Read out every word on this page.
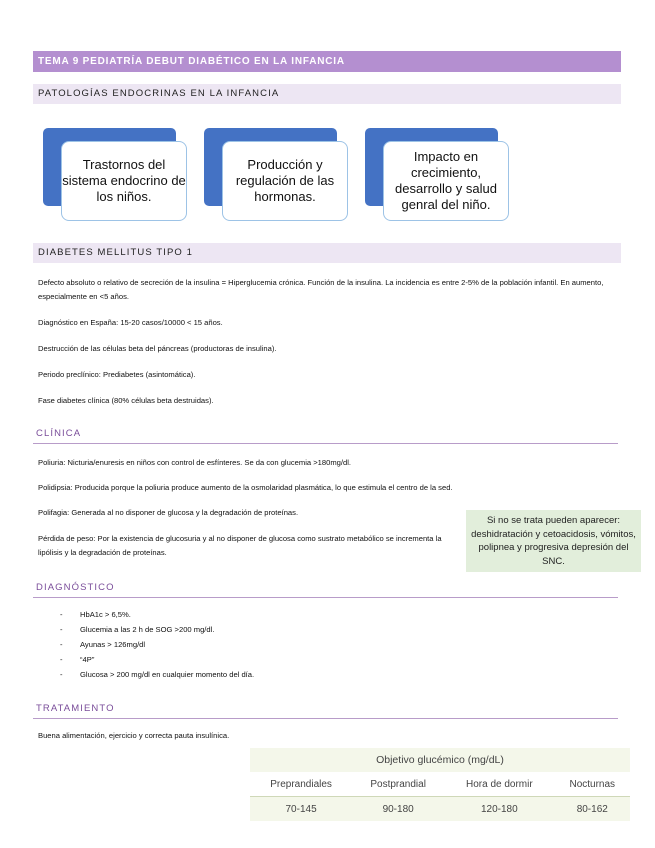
TEMA 9 PEDIATRÍA DEBUT DIABÉTICO EN LA INFANCIA
PATOLOGÍAS ENDOCRINAS EN LA INFANCIA
Trastornos del sistema endocrino de los niños.
Producción y regulación de las hormonas.
Impacto en crecimiento, desarrollo y salud genral del niño.
DIABETES MELLITUS TIPO 1
Defecto absoluto o relativo de secreción de la insulina = Hiperglucemia crónica. Función de la insulina. La incidencia es entre 2-5% de la población infantil. En aumento, especialmente en <5 años.
Diagnóstico en España: 15-20 casos/10000 < 15 años.
Destrucción de las células beta del páncreas (productoras de insulina).
Periodo preclínico: Prediabetes (asintomática).
Fase diabetes clínica (80% células beta destruidas).
CLÍNICA
Poliuria: Nicturia/enuresis en niños con control de esfínteres. Se da con glucemia >180mg/dl.
Polidipsia: Producida porque la poliuria produce aumento de la osmolaridad plasmática, lo que estimula el centro de la sed.
Polifagia: Generada al no disponer de glucosa y la degradación de proteínas.
Pérdida de peso: Por la existencia de glucosuria y al no disponer de glucosa como sustrato metabólico se incrementa la lipólisis y la degradación de proteínas.
Si no se trata pueden aparecer: deshidratación y cetoacidosis, vómitos, polipnea y progresiva depresión del SNC.
DIAGNÓSTICO
- HbA1c > 6,5%.
- Glucemia a las 2 h de SOG >200 mg/dl.
- Ayunas > 126mg/dl
- “4P”
- Glucosa > 200 mg/dl en cualquier momento del día.
TRATAMIENTO
Buena alimentación, ejercicio y correcta pauta insulínica.
Objetivo glucémico (mg/dL)			
Preprandiales	Postprandial	Hora de dormir	Nocturnas
70-145	90-180	120-180	80-162
